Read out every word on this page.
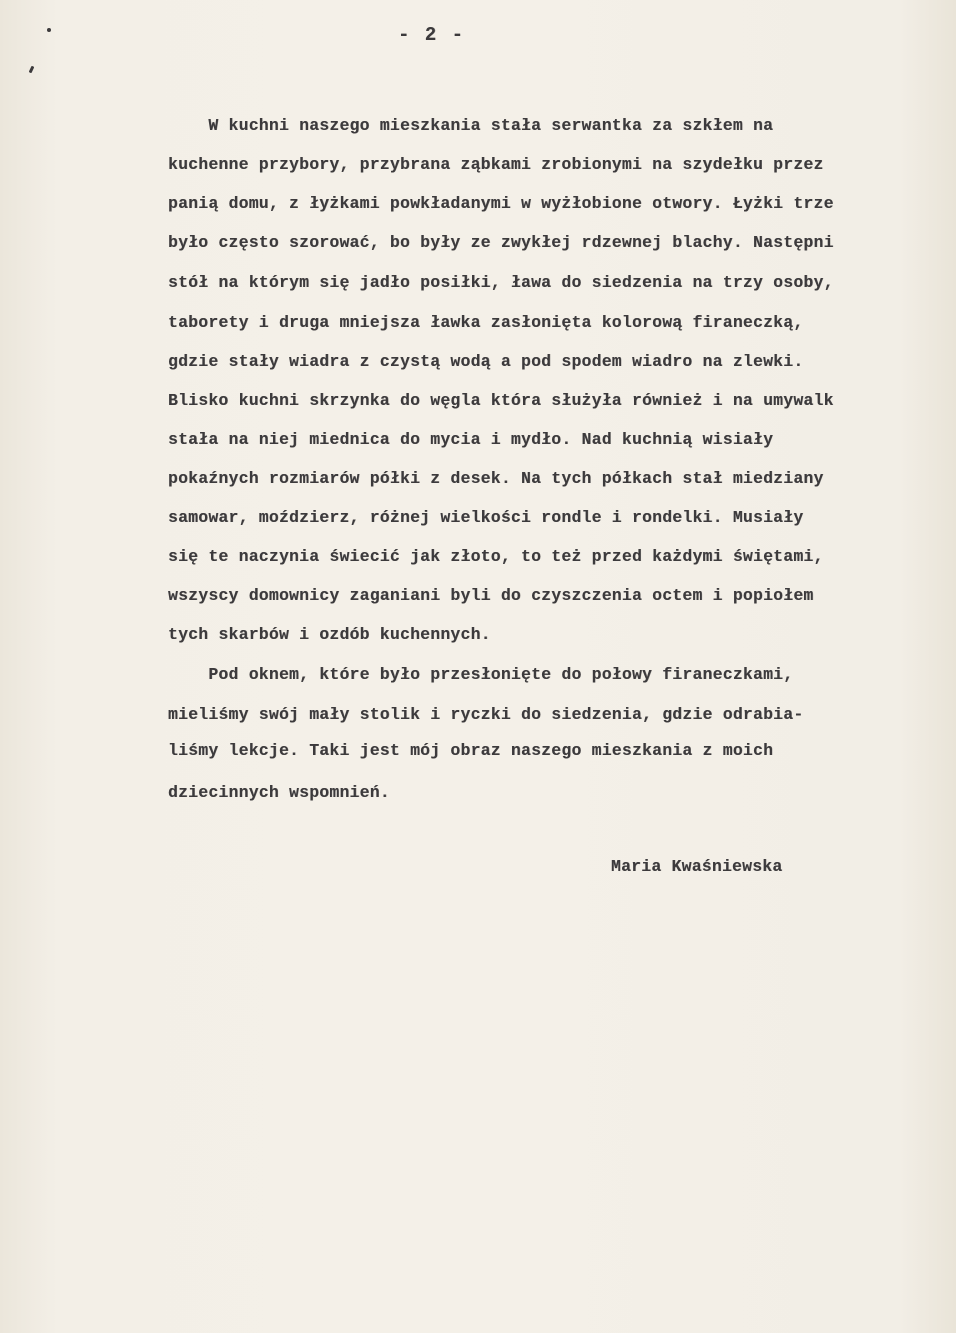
- 2 -
W kuchni naszego mieszkania stała serwantka za szkłem na
kuchenne przybory, przybrana ząbkami zrobionymi na szydełku przez
panią domu, z łyżkami powkładanymi w wyżłobione otwory. Łyżki trze
było często szorować, bo były ze zwykłej rdzewnej blachy. Następni
stół na którym się jadło posiłki, ława do siedzenia na trzy osoby,
taborety i druga mniejsza ławka zasłonięta kolorową firaneczką,
gdzie stały wiadra z czystą wodą a pod spodem wiadro na zlewki.
Blisko kuchni skrzynka do węgla która służyła również i na umywalk
stała na niej miednica do mycia i mydło. Nad kuchnią wisiały
pokaźnych rozmiarów półki z desek. Na tych półkach stał miedziany
samowar, moździerz, różnej wielkości rondle i rondelki. Musiały
się te naczynia świecić jak złoto, to też przed każdymi świętami,
wszyscy domownicy zaganiani byli do czyszczenia octem i popiołem
tych skarbów i ozdób kuchennych.
Pod oknem, które było przesłonięte do połowy firaneczkami,
mieliśmy swój mały stolik i ryczki do siedzenia, gdzie odrabia-
liśmy lekcje. Taki jest mój obraz naszego mieszkania z moich
dziecinnych wspomnień.
Maria Kwaśniewska
